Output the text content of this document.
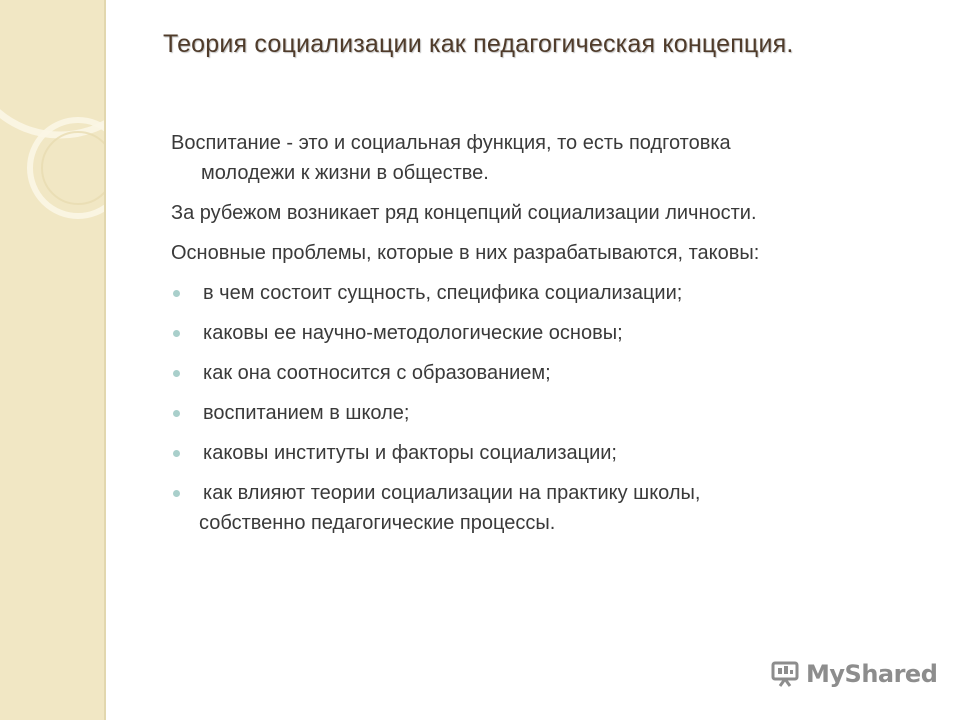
Теория социализации как педагогическая концепция.
Воспитание - это и социальная функция, то есть подготовка
молодежи к жизни в обществе.
За рубежом возникает ряд концепций социализации личности.
Основные проблемы, которые в них разрабатываются, таковы:
в чем состоит сущность, специфика социализации;
каковы ее научно-методологические основы;
как она соотносится с образованием;
воспитанием в школе;
каковы институты и факторы социализации;
как влияют теории социализации на практику школы,
собственно педагогические процессы.
MyShared
